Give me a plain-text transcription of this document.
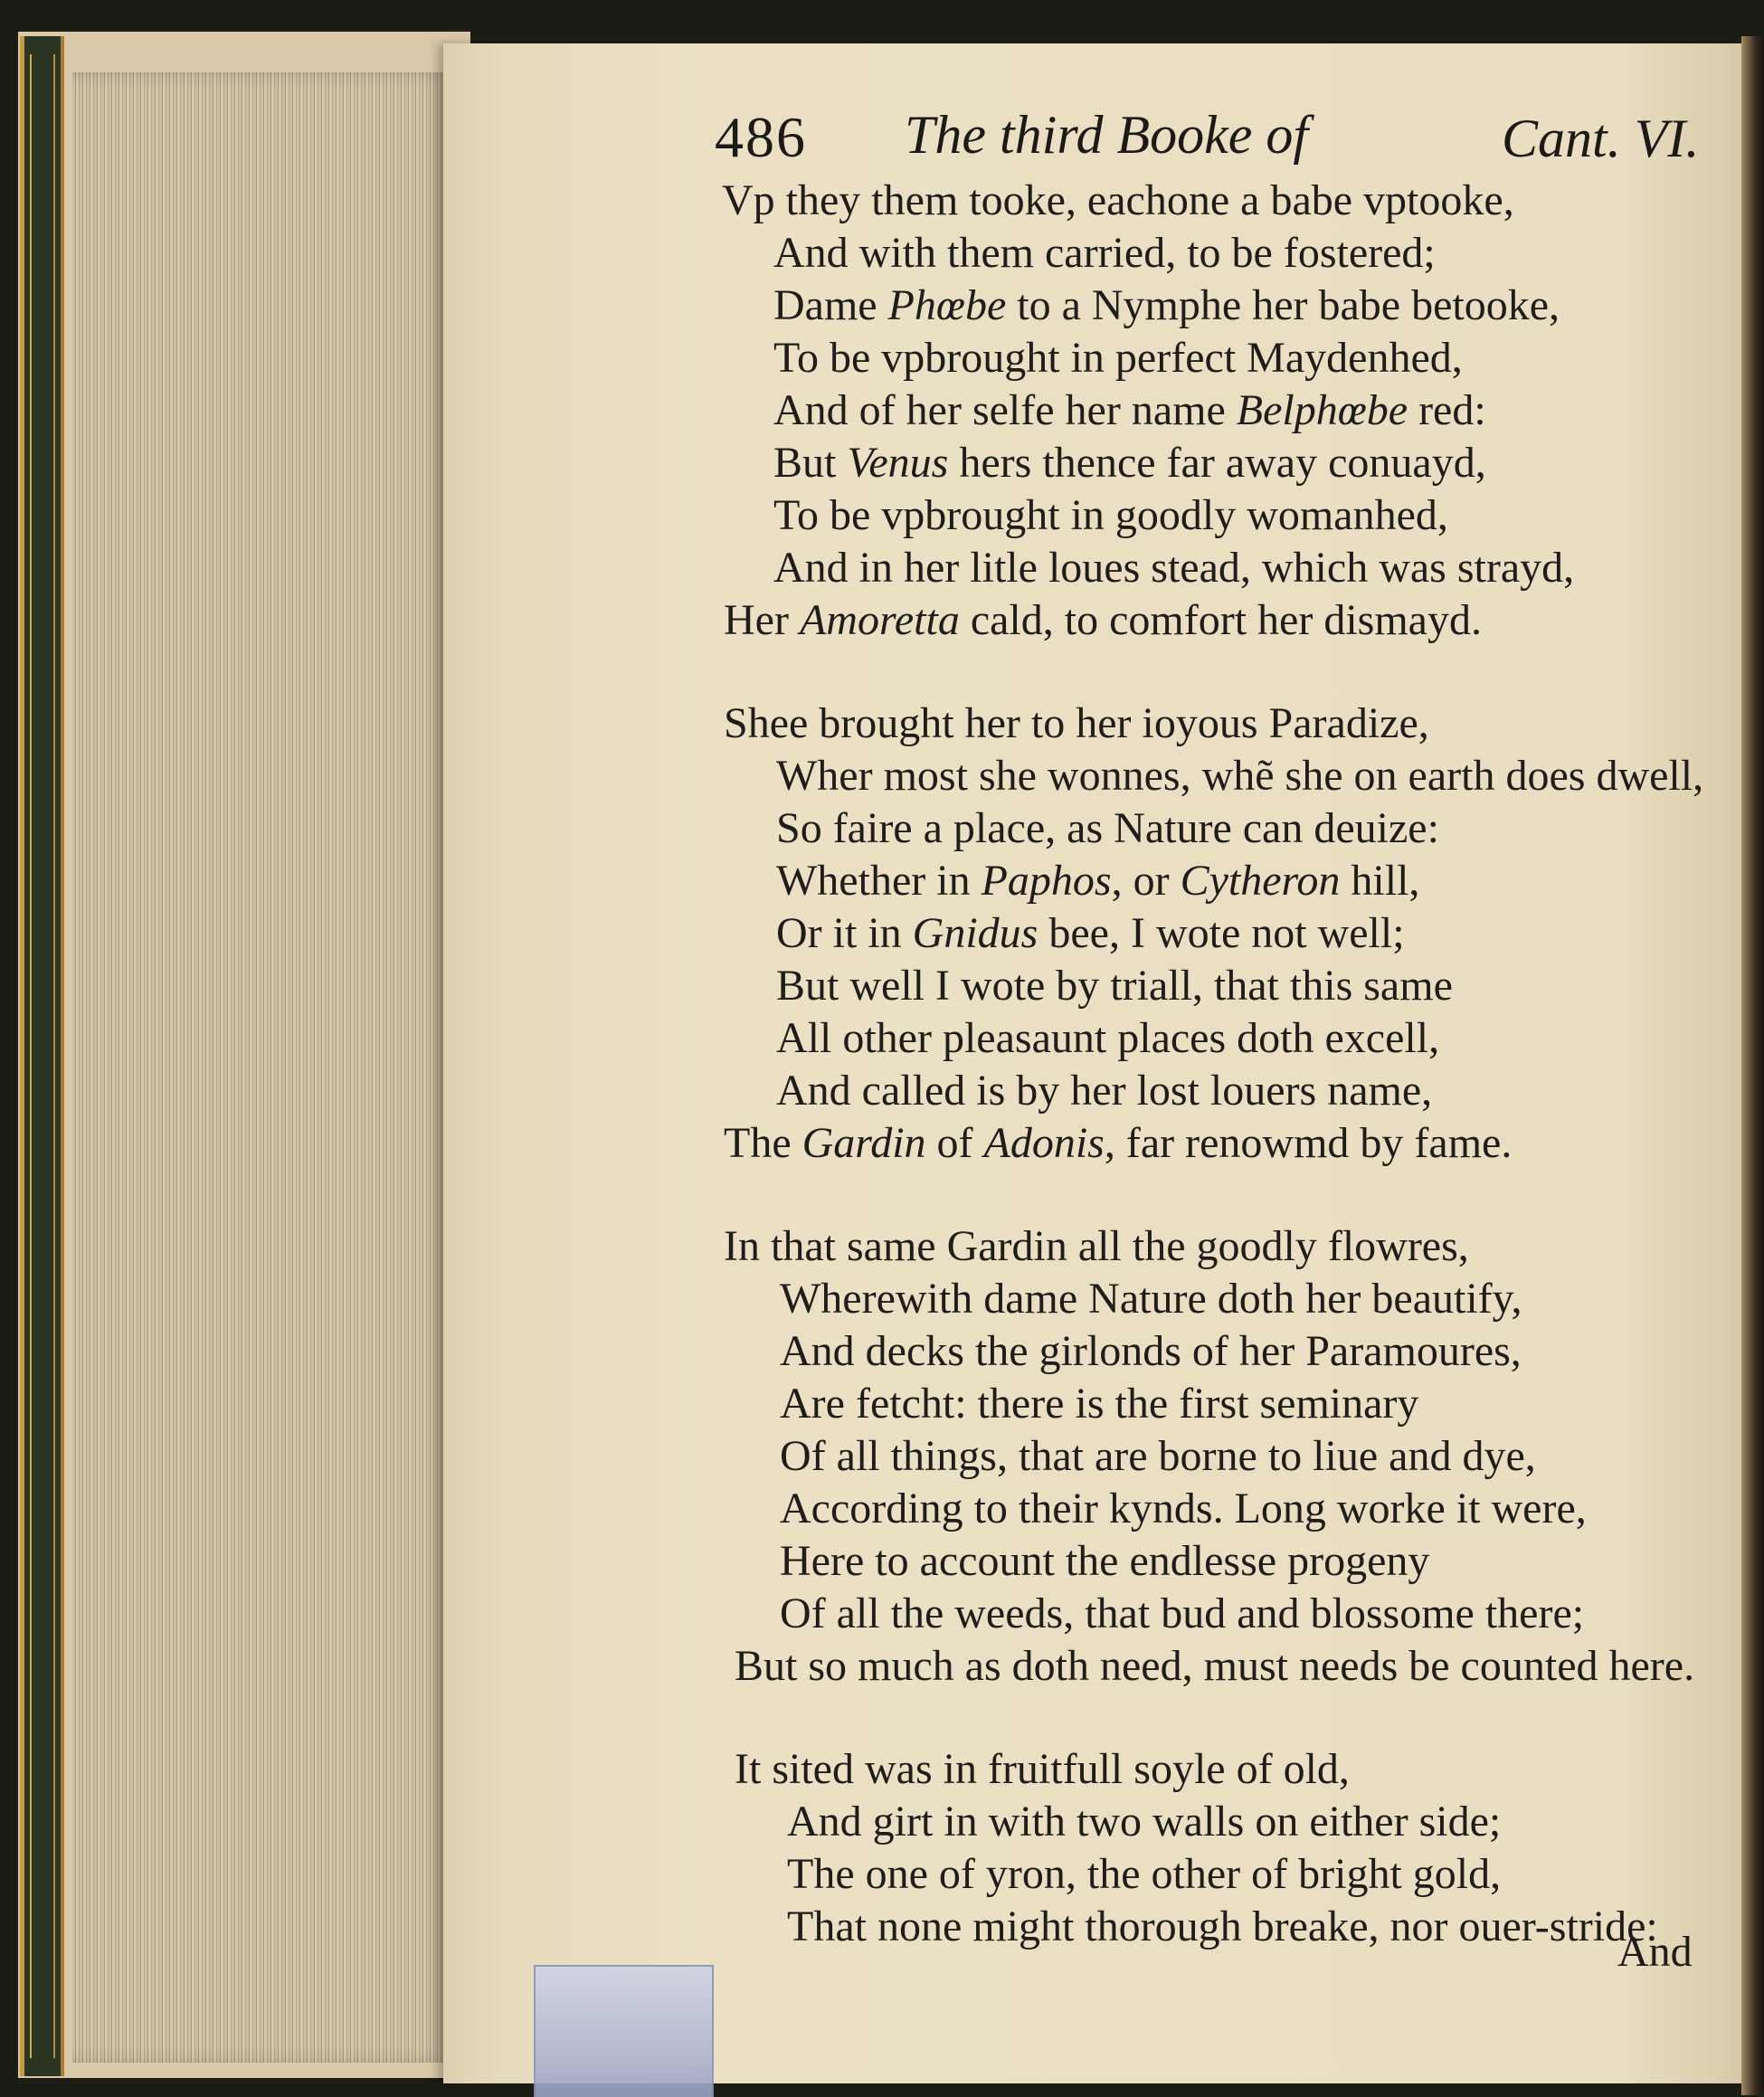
486 The third Booke of	Cant. VI.
Vp they them tooke, eachone a babe vptooke,
And with them carried, to be fostered;
Dame Phœbe to a Nymphe her babe betooke,
To be vpbrought in perfect Maydenhed,
And of her selfe her name Belphœbe red:
But Venus hers thence far away conuayd,
To be vpbrought in goodly womanhed,
And in her litle loues stead, which was strayd,
Her Amoretta cald, to comfort her dismayd.
Shee brought her to her ioyous Paradize,
Wher most she wonnes, whẽ she on earth does dwell,
So faire a place, as Nature can deuize:
Whether in Paphos, or Cytheron hill,
Or it in Gnidus bee, I wote not well;
But well I wote by triall, that this same
All other pleasaunt places doth excell,
And called is by her lost louers name,
The Gardin of Adonis, far renowmd by fame.
In that same Gardin all the goodly flowres,
Wherewith dame Nature doth her beautify,
And decks the girlonds of her Paramoures,
Are fetcht: there is the first seminary
Of all things, that are borne to liue and dye,
According to their kynds. Long worke it were,
Here to account the endlesse progeny
Of all the weeds, that bud and blossome there;
But so much as doth need, must needs be counted here.
It sited was in fruitfull soyle of old,
And girt in with two walls on either side;
The one of yron, the other of bright gold,
That none might thorough breake, nor ouer-stride:
And
